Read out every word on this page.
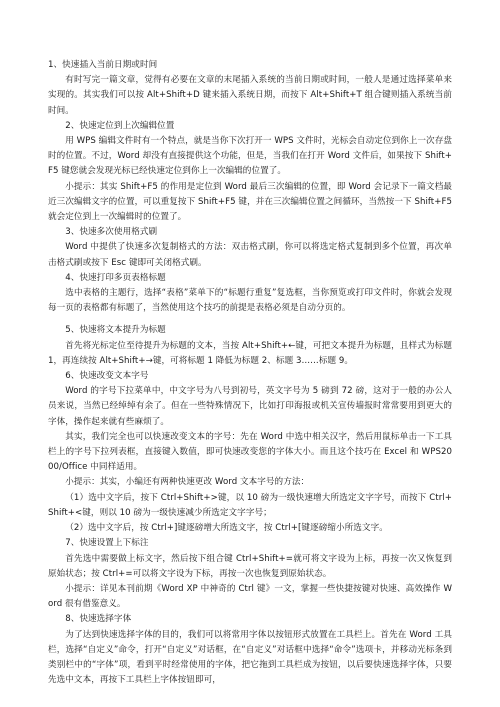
1、快速插入当前日期或时间

有时写完一篇文章，觉得有必要在文章的末尾插入系统的当前日期或时间，一般人是通过选择菜单来实现的。其实我们可以按 Alt+Shift+D 键来插入系统日期，而按下 Alt+Shift+T 组合键则插入系统当前时间。

2、快速定位到上次编辑位置

用 WPS 编辑文件时有一个特点，就是当你下次打开一 WPS 文件时，光标会自动定位到你上一次存盘时的位置。不过，Word 却没有直接提供这个功能，但是，当我们在打开 Word 文件后，如果按下 Shift+F5 键您就会发现光标已经快速定位到你上一次编辑的位置了。

小提示：其实 Shift+F5 的作用是定位到 Word 最后三次编辑的位置，即 Word 会记录下一篇文档最近三次编辑文字的位置，可以重复按下 Shift+F5 键，并在三次编辑位置之间循环，当然按一下 Shift+F5 就会定位到上一次编辑时的位置了。

3、快速多次使用格式刷

Word 中提供了快速多次复制格式的方法：双击格式刷，你可以将选定格式复制到多个位置，再次单击格式刷或按下 Esc 键即可关闭格式刷。

4、快速打印多页表格标题

选中表格的主题行，选择“表格”菜单下的“标题行重复”复选框，当你预览或打印文件时，你就会发现每一页的表格都有标题了，当然使用这个技巧的前提是表格必须是自动分页的。

5、快速将文本提升为标题

首先将光标定位至待提升为标题的文本，当按 Alt+Shift+←键，可把文本提升为标题，且样式为标题 1，再连续按 Alt+Shift+→键，可将标题 1 降低为标题 2、标题 3……标题 9。

6、快速改变文本字号

Word 的字号下拉菜单中，中文字号为八号到初号，英文字号为 5 磅到 72 磅，这对于一般的办公人员来说，当然已经绰绰有余了。但在一些特殊情况下，比如打印海报或机关宣传墙报时常常要用到更大的字体，操作起来就有些麻烦了。

其实，我们完全也可以快速改变文本的字号：先在 Word 中选中相关汉字，然后用鼠标单击一下工具栏上的字号下拉列表框，直接键入数值，即可快速改变您的字体大小。而且这个技巧在 Excel 和 WPS2000/Office 中同样适用。

小提示：其实，小编还有两种快速更改 Word 文本字号的方法：

（1）选中文字后，按下 Ctrl+Shift+>键，以 10 磅为一级快速增大所选定文字字号，而按下 Ctrl+Shift+<键，则以 10 磅为一级快速减少所选定文字字号；

（2）选中文字后，按 Ctrl+]键逐磅增大所选文字，按 Ctrl+[键逐磅缩小所选文字。

7、快速设置上下标注

首先选中需要做上标文字，然后按下组合键 Ctrl+Shift+=就可将文字设为上标，再按一次又恢复到原始状态；按 Ctrl+=可以将文字设为下标，再按一次也恢复到原始状态。

小提示：详见本刊前期《Word XP 中神奇的 Ctrl 键》一文，掌握一些快捷按键对快速、高效操作 Word 很有借鉴意义。

8、快速选择字体

为了达到快速选择字体的目的，我们可以将常用字体以按钮形式放置在工具栏上。首先在 Word 工具栏，选择“自定义”命令，打开“自定义”对话框，在“自定义”对话框中选择“命令”选项卡，并移动光标条到类别栏中的“字体”项，看到平时经常使用的字体，把它拖到工具栏成为按钮，以后要快速选择字体，只要先选中文本，再按下工具栏上字体按钮即可，
